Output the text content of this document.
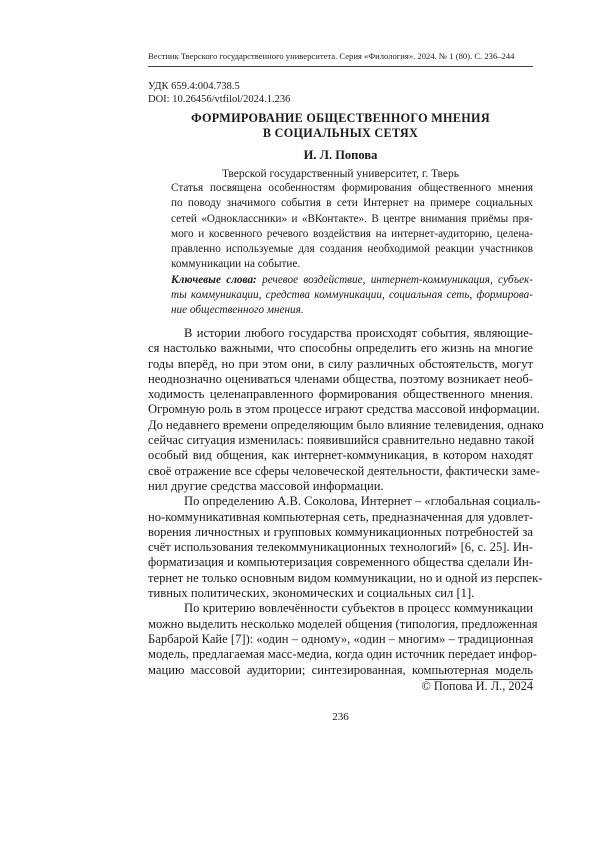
Вестник Тверского государственного университета. Серия «Филология». 2024. № 1 (80). С. 236–244
УДК 659.4:004.738.5
DOI: 10.26456/vtfilol/2024.1.236
ФОРМИРОВАНИЕ ОБЩЕСТВЕННОГО МНЕНИЯ
В СОЦИАЛЬНЫХ СЕТЯХ
И. Л. Попова
Тверской государственный университет, г. Тверь
Статья посвящена особенностям формирования общественного мнения
по поводу значимого события в сети Интернет на примере социальных
сетей «Одноклассники» и «ВКонтакте». В центре внимания приёмы пря-
мого и косвенного речевого воздействия на интернет-аудиторию, целена-
правленно используемые для создания необходимой реакции участников
коммуникации на событие.
Ключевые слова: речевое воздействие, интернет-коммуникация, субъек-
ты коммуникации, средства коммуникации, социальная сеть, формирова-
ние общественного мнения.
В истории любого государства происходят события, являющие-
ся настолько важными, что способны определить его жизнь на многие
годы вперёд, но при этом они, в силу различных обстоятельств, могут
неоднозначно оцениваться членами общества, поэтому возникает необ-
ходимость целенаправленного формирования общественного мнения.
Огромную роль в этом процессе играют средства массовой информации.
До недавнего времени определяющим было влияние телевидения, однако
сейчас ситуация изменилась: появившийся сравнительно недавно такой
особый вид общения, как интернет-коммуникация, в котором находят
своё отражение все сферы человеческой деятельности, фактически заме-
нил другие средства массовой информации.
По определению А.В. Соколова, Интернет – «глобальная социаль-
но-коммуникативная компьютерная сеть, предназначенная для удовлет-
ворения личностных и групповых коммуникационных потребностей за
счёт использования телекоммуникационных технологий» [6, с. 25]. Ин-
форматизация и компьютеризация современного общества сделали Ин-
тернет не только основным видом коммуникации, но и одной из перспек-
тивных политических, экономических и социальных сил [1].
По критерию вовлечённости субъектов в процесс коммуникации
можно выделить несколько моделей общения (типология, предложенная
Барбарой Кайе [7]): «один – одному», «один – многим» – традиционная
модель, предлагаемая масс-медиа, когда один источник передает инфор-
мацию массовой аудитории; синтезированная, компьютерная модель
© Попова И. Л., 2024
236
